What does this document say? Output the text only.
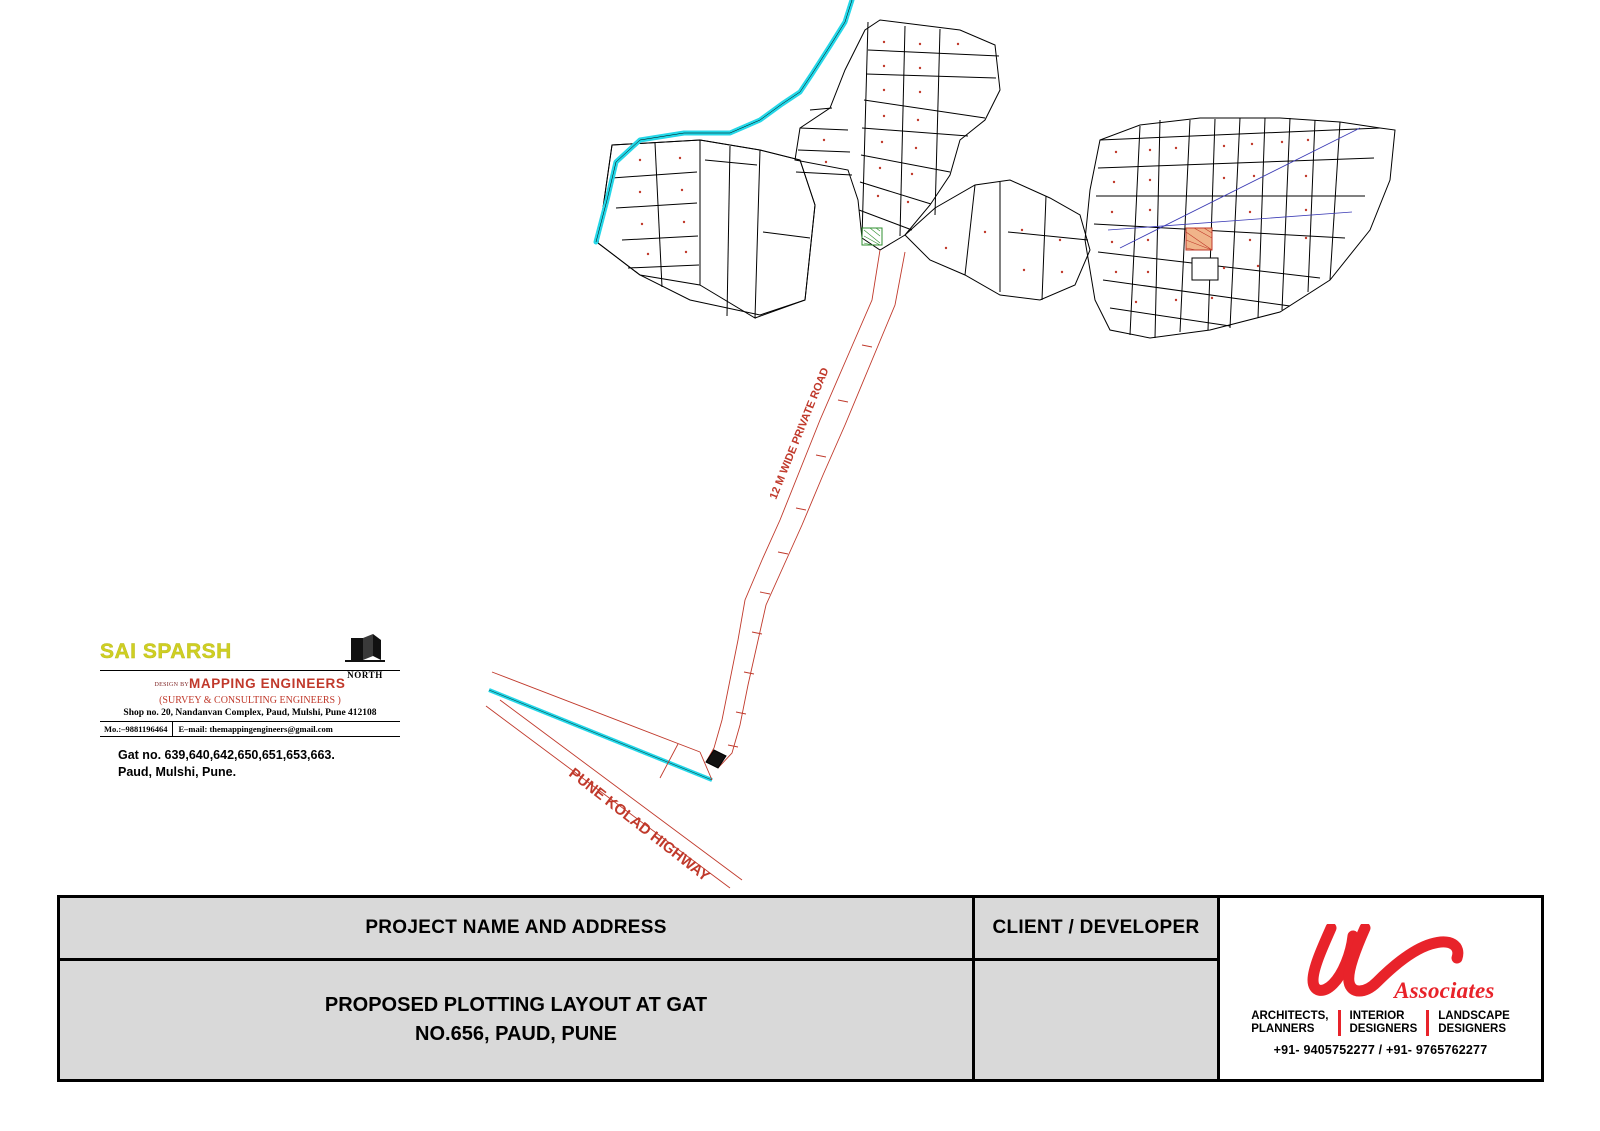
12 M WIDE PRIVATE ROAD
PUNE KOLAD HIGHWAY
SAI SPARSH
NORTH
DESIGN BYMAPPING ENGINEERS
(SURVEY & CONSULTING ENGINEERS )
Shop no. 20, Nandanvan Complex, Paud, Mulshi, Pune 412108
Mo.:–9881196464	E–mail: themappingengineers@gmail.com
Gat no. 639,640,642,650,651,653,663.
Paud, Mulshi, Pune.
PROJECT NAME AND ADDRESS
PROPOSED PLOTTING LAYOUT AT GAT
NO.656, PAUD, PUNE
CLIENT / DEVELOPER
Associates
ARCHITECTS,
PLANNERS
INTERIOR
DESIGNERS
LANDSCAPE
DESIGNERS
+91- 9405752277 / +91- 9765762277
